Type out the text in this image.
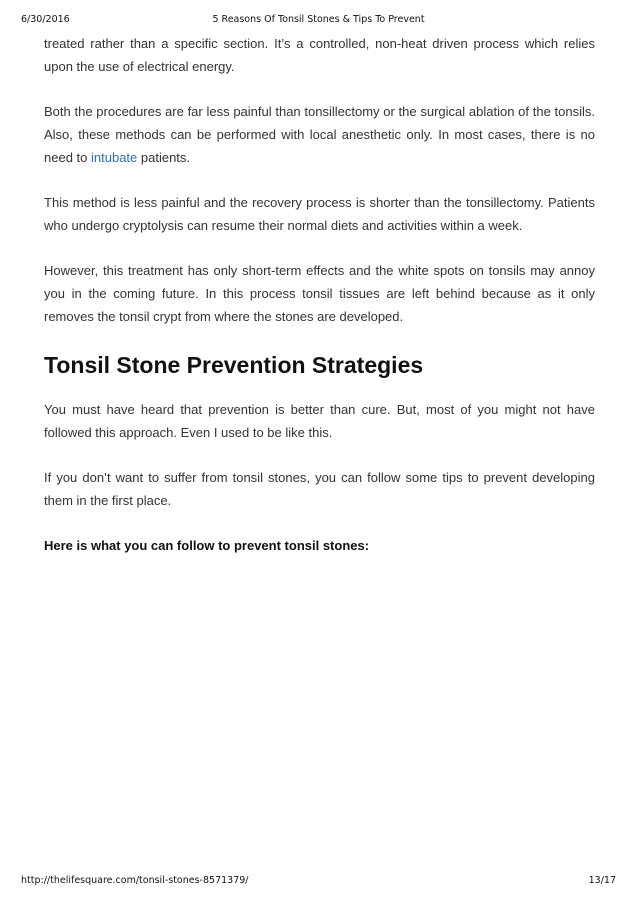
6/30/2016	5 Reasons Of Tonsil Stones & Tips To Prevent

treated rather than a specific section. It’s a controlled, non-heat driven process which relies upon the use of electrical energy.

Both the procedures are far less painful than tonsillectomy or the surgical ablation of the tonsils. Also, these methods can be performed with local anesthetic only. In most cases, there is no need to intubate patients.

This method is less painful and the recovery process is shorter than the tonsillectomy. Patients who undergo cryptolysis can resume their normal diets and activities within a week.

However, this treatment has only short-term effects and the white spots on tonsils may annoy you in the coming future. In this process tonsil tissues are left behind because as it only removes the tonsil crypt from where the stones are developed.

Tonsil Stone Prevention Strategies

You must have heard that prevention is better than cure. But, most of you might not have followed this approach. Even I used to be like this.

If you don’t want to suffer from tonsil stones, you can follow some tips to prevent developing them in the first place.

Here is what you can follow to prevent tonsil stones:

http://thelifesquare.com/tonsil-stones-8571379/	13/17
